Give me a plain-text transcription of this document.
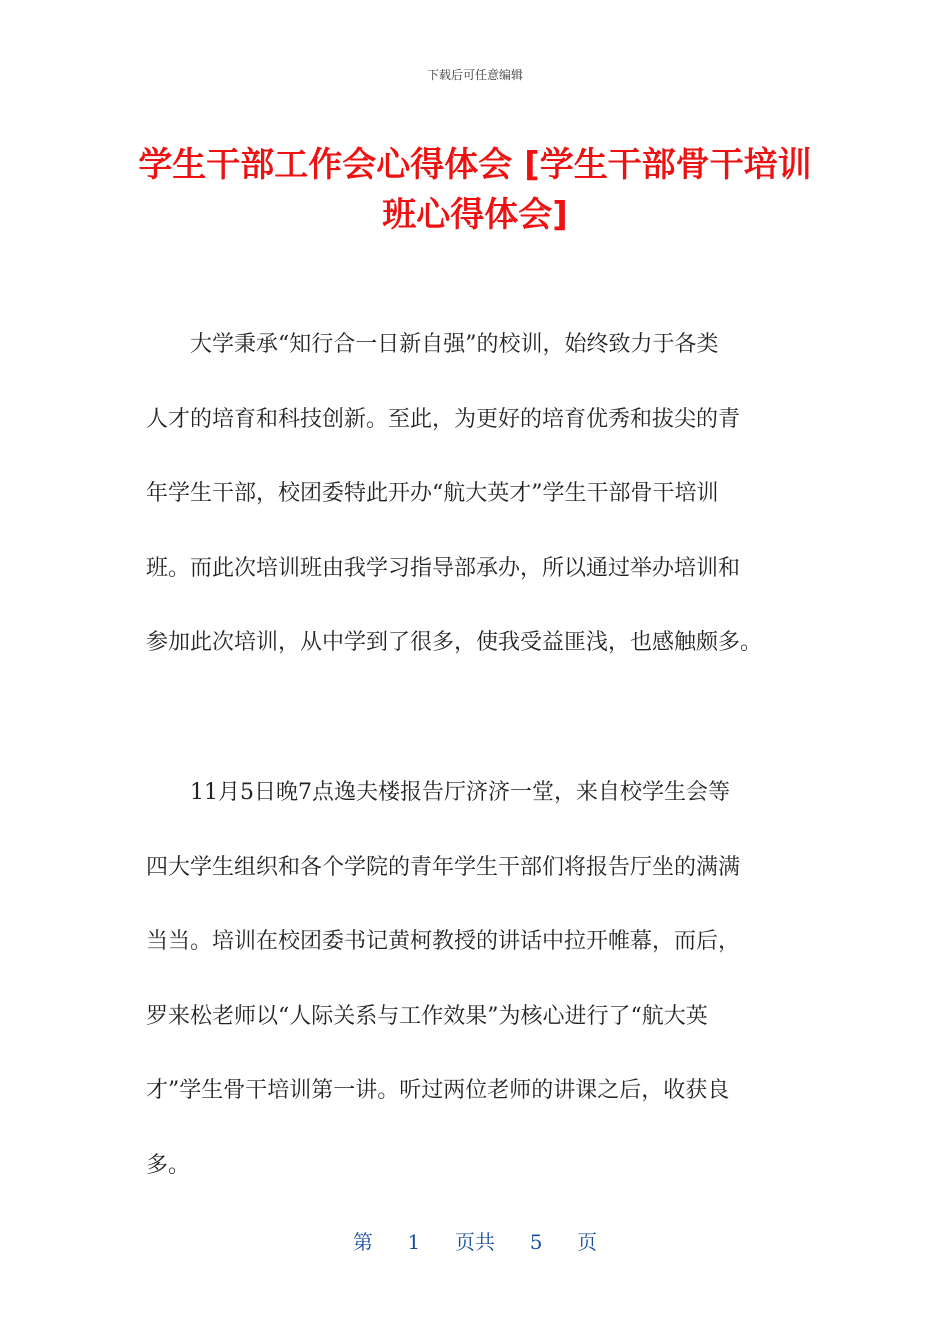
下载后可任意编辑
学生干部工作会心得体会 [学生干部骨干培训
班心得体会]
大学秉承“知行合一日新自强”的校训，始终致力于各类
人才的培育和科技创新。至此，为更好的培育优秀和拔尖的青
年学生干部，校团委特此开办“航大英才”学生干部骨干培训
班。而此次培训班由我学习指导部承办，所以通过举办培训和
参加此次培训，从中学到了很多，使我受益匪浅，也感触颇多。
11月5日晚7点逸夫楼报告厅济济一堂，来自校学生会等
四大学生组织和各个学院的青年学生干部们将报告厅坐的满满
当当。培训在校团委书记黄柯教授的讲话中拉开帷幕，而后，
罗来松老师以“人际关系与工作效果”为核心进行了“航大英
才”学生骨干培训第一讲。听过两位老师的讲课之后，收获良
多。
第 1 页共 5 页
